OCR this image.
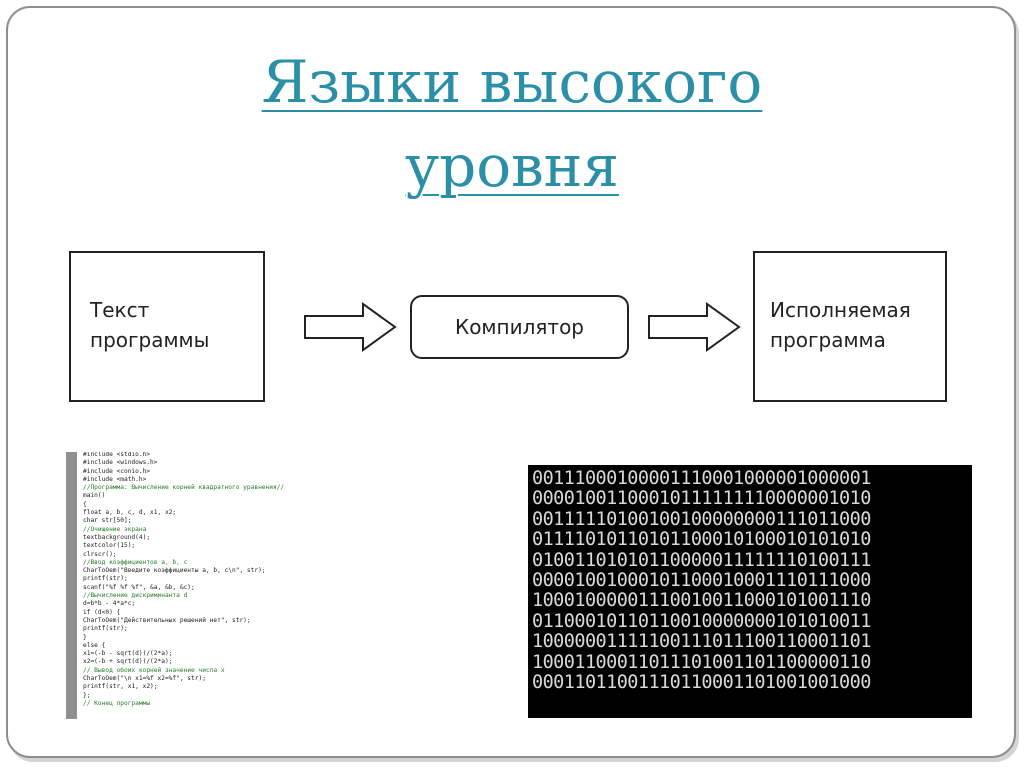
Языки высокого
уровня
Текст
программы
Компилятор
Исполняемая
программа
#include <stdio.h>
#include <windows.h>
#include <conio.h>
#include <math.h>
//Программа: Вычисление корней квадратного уравнения//
main()
{
float a, b, c, d, x1, x2;
char str[50];
//Очищение экрана
textbackground(4);
textcolor(15);
clrscr();
//Ввод коэффициентов a, b, c
CharToOem("Введите коэффициенты a, b, c\n", str);
printf(str);
scanf("%f %f %f", &a, &b, &c);
//Вычисление дискриминанта d
d=b*b - 4*a*c;
if (d<0) {
CharToOem("Действительных решений нет", str);
printf(str);
}
else {
x1=(-b - sqrt(d))/(2*a);
x2=(-b + sqrt(d))/(2*a);
// Вывод обоих корней значение числа x
CharToOem("\n x1=%f x2=%f", str);
printf(str, x1, x2);
};
// Конец программы

00111000100001110001000001000001
00001001100010111111110000001010
00111110100100100000000111011000
01111010110101100010100010101010
01001101010110000011111110100111
00001001000101100010001110111000
10001000001110010011000101001110
01100010110110010000000101010011
10000001111100111011100110001101
10001100011011101001101100000110
00011011001110110001101001001000
